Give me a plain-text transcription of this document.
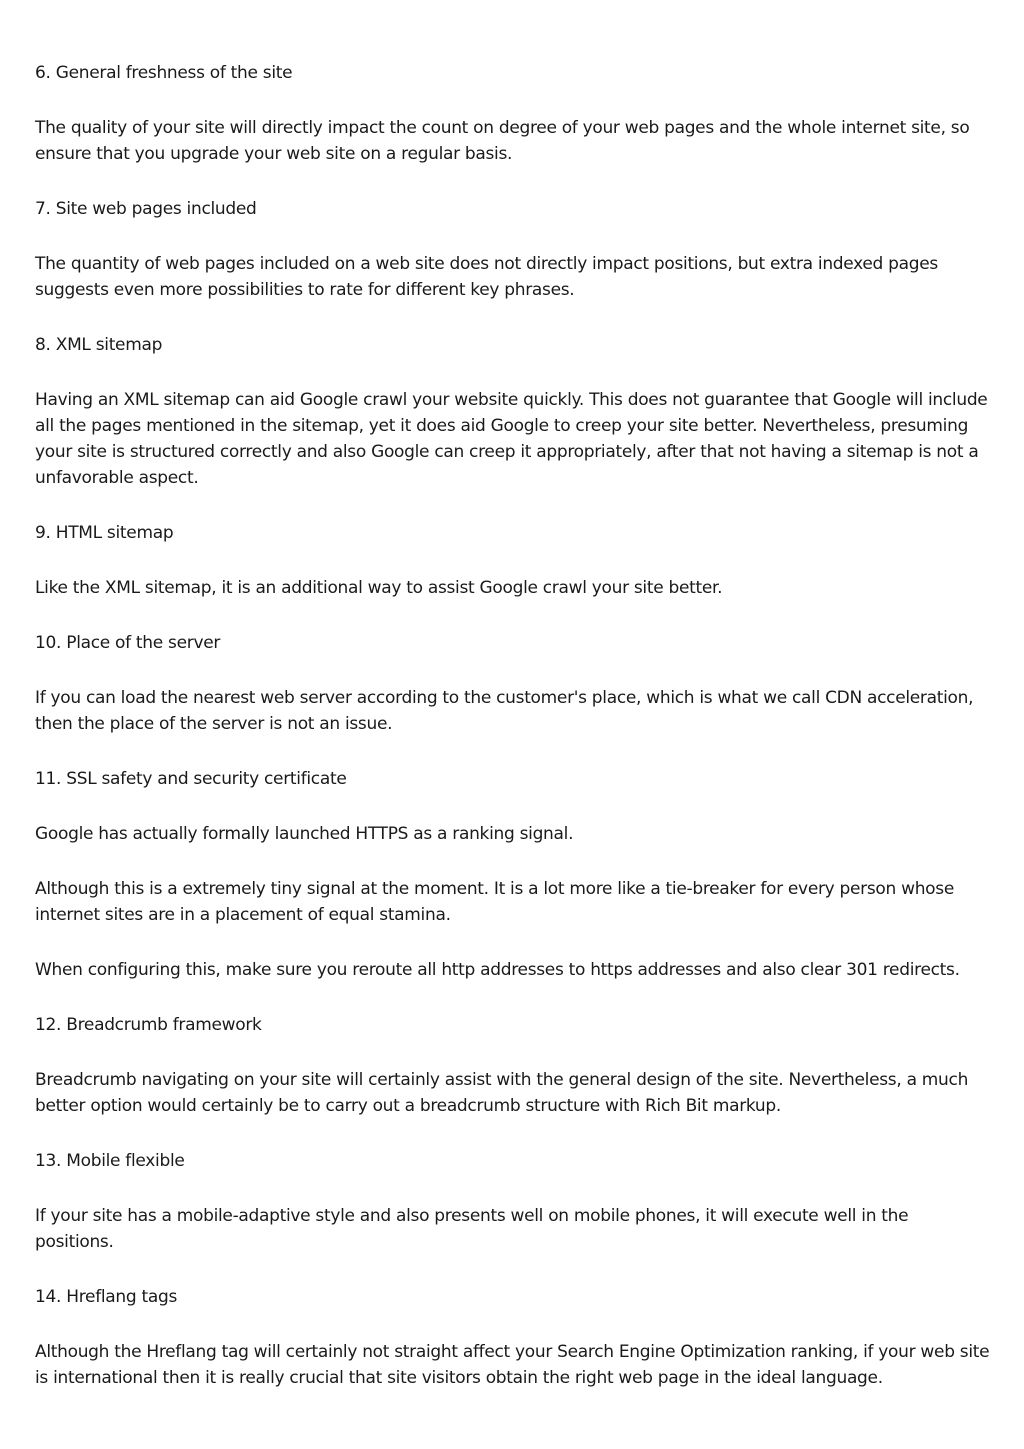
6. General freshness of the site

The quality of your site will directly impact the count on degree of your web pages and the whole internet site, so ensure that you upgrade your web site on a regular basis.

7. Site web pages included

The quantity of web pages included on a web site does not directly impact positions, but extra indexed pages suggests even more possibilities to rate for different key phrases.

8. XML sitemap

Having an XML sitemap can aid Google crawl your website quickly. This does not guarantee that Google will include all the pages mentioned in the sitemap, yet it does aid Google to creep your site better. Nevertheless, presuming your site is structured correctly and also Google can creep it appropriately, after that not having a sitemap is not a unfavorable aspect.

9. HTML sitemap

Like the XML sitemap, it is an additional way to assist Google crawl your site better.

10. Place of the server

If you can load the nearest web server according to the customer's place, which is what we call CDN acceleration, then the place of the server is not an issue.

11. SSL safety and security certificate

Google has actually formally launched HTTPS as a ranking signal.

Although this is a extremely tiny signal at the moment. It is a lot more like a tie-breaker for every person whose internet sites are in a placement of equal stamina.

When configuring this, make sure you reroute all http addresses to https addresses and also clear 301 redirects.

12. Breadcrumb framework

Breadcrumb navigating on your site will certainly assist with the general design of the site. Nevertheless, a much better option would certainly be to carry out a breadcrumb structure with Rich Bit markup.

13. Mobile flexible

If your site has a mobile-adaptive style and also presents well on mobile phones, it will execute well in the positions.

14. Hreflang tags

Although the Hreflang tag will certainly not straight affect your Search Engine Optimization ranking, if your web site is international then it is really crucial that site visitors obtain the right web page in the ideal language.
